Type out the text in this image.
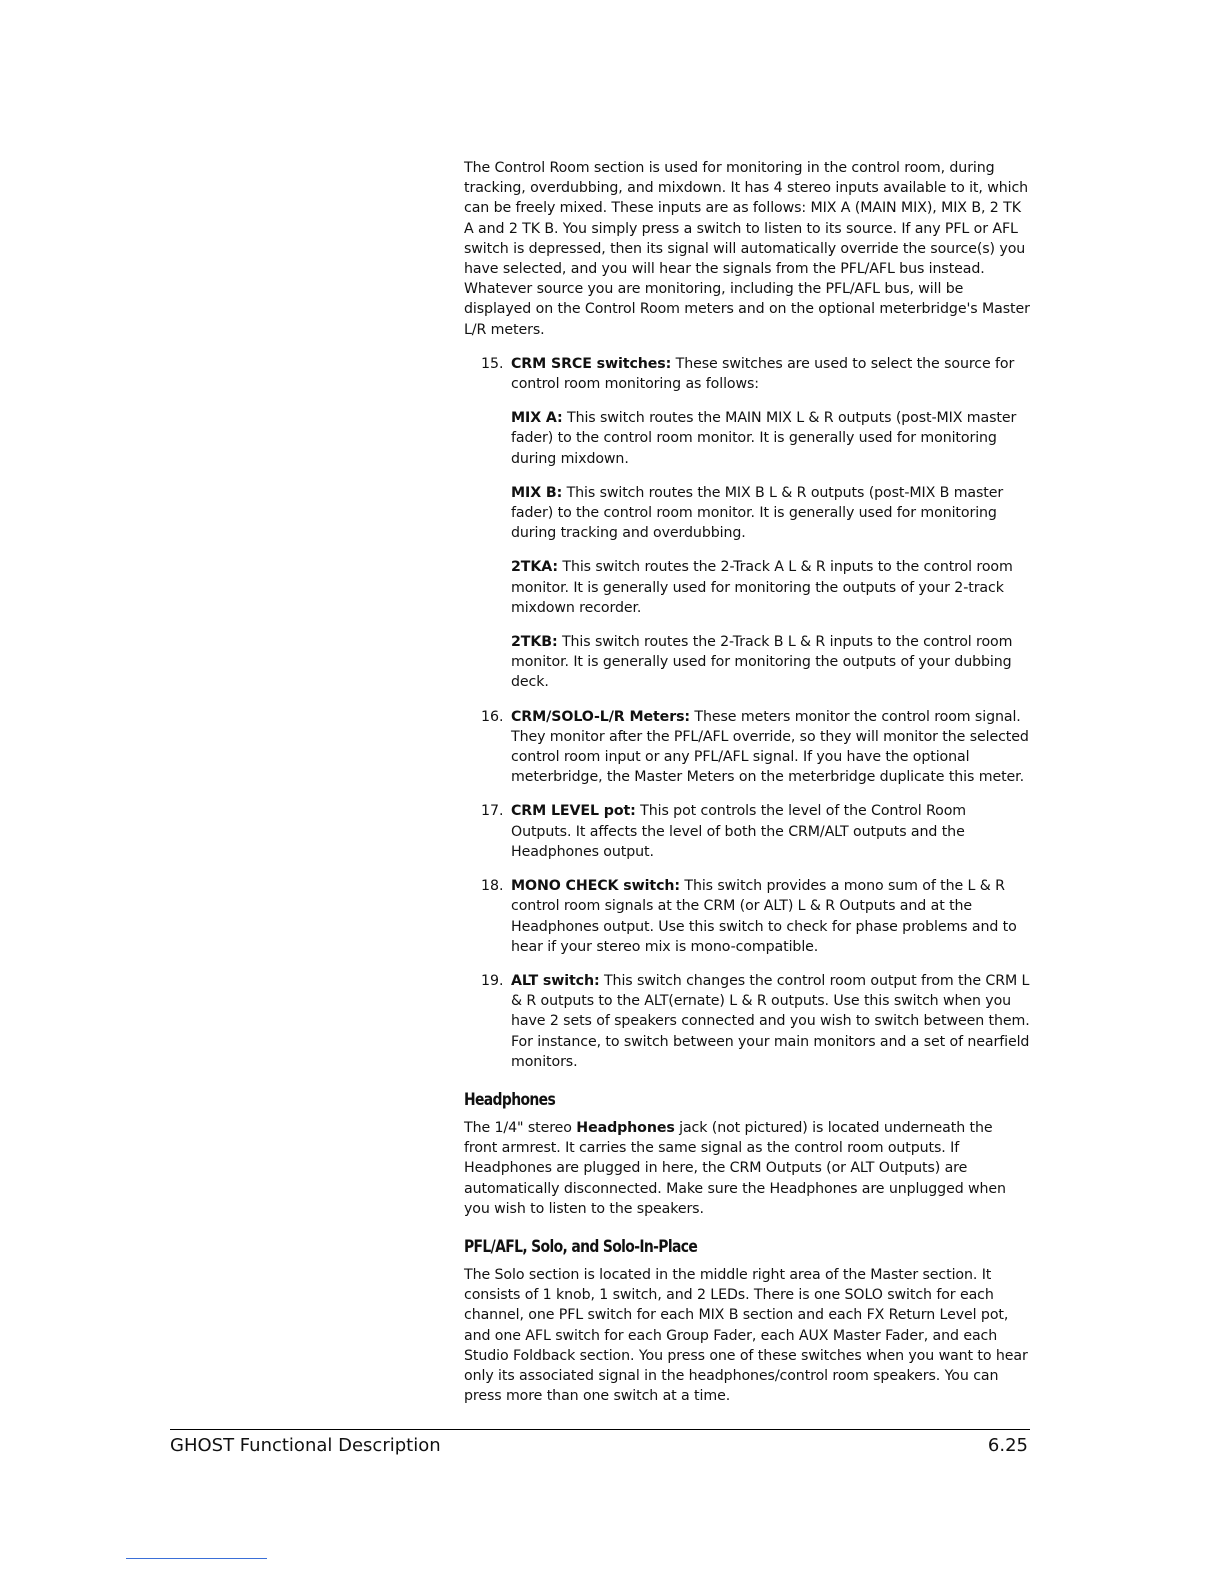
The Control Room section is used for monitoring in the control room, during tracking, overdubbing, and mixdown. It has 4 stereo inputs available to it, which can be freely mixed. These inputs are as follows: MIX A (MAIN MIX), MIX B, 2 TK A and 2 TK B. You simply press a switch to listen to its source. If any PFL or AFL switch is depressed, then its signal will automatically override the source(s) you have selected, and you will hear the signals from the PFL/AFL bus instead. Whatever source you are monitoring, including the PFL/AFL bus, will be displayed on the Control Room meters and on the optional meterbridge's Master L/R meters.

15. CRM SRCE switches: These switches are used to select the source for control room monitoring as follows:

MIX A: This switch routes the MAIN MIX L & R outputs (post-MIX master fader) to the control room monitor. It is generally used for monitoring during mixdown.

MIX B: This switch routes the MIX B L & R outputs (post-MIX B master fader) to the control room monitor. It is generally used for monitoring during tracking and overdubbing.

2TKA: This switch routes the 2-Track A L & R inputs to the control room monitor. It is generally used for monitoring the outputs of your 2-track mixdown recorder.

2TKB: This switch routes the 2-Track B L & R inputs to the control room monitor. It is generally used for monitoring the outputs of your dubbing deck.

16. CRM/SOLO-L/R Meters: These meters monitor the control room signal. They monitor after the PFL/AFL override, so they will monitor the selected control room input or any PFL/AFL signal. If you have the optional meterbridge, the Master Meters on the meterbridge duplicate this meter.

17. CRM LEVEL pot: This pot controls the level of the Control Room Outputs. It affects the level of both the CRM/ALT outputs and the Headphones output.

18. MONO CHECK switch: This switch provides a mono sum of the L & R control room signals at the CRM (or ALT) L & R Outputs and at the Headphones output. Use this switch to check for phase problems and to hear if your stereo mix is mono-compatible.

19. ALT switch: This switch changes the control room output from the CRM L & R outputs to the ALT(ernate) L & R outputs. Use this switch when you have 2 sets of speakers connected and you wish to switch between them. For instance, to switch between your main monitors and a set of nearfield monitors.

Headphones

The 1/4" stereo Headphones jack (not pictured) is located underneath the front armrest. It carries the same signal as the control room outputs. If Headphones are plugged in here, the CRM Outputs (or ALT Outputs) are automatically disconnected. Make sure the Headphones are unplugged when you wish to listen to the speakers.

PFL/AFL, Solo, and Solo-In-Place

The Solo section is located in the middle right area of the Master section. It consists of 1 knob, 1 switch, and 2 LEDs. There is one SOLO switch for each channel, one PFL switch for each MIX B section and each FX Return Level pot, and one AFL switch for each Group Fader, each AUX Master Fader, and each Studio Foldback section. You press one of these switches when you want to hear only its associated signal in the headphones/control room speakers. You can press more than one switch at a time.

GHOST Functional Description	6.25
